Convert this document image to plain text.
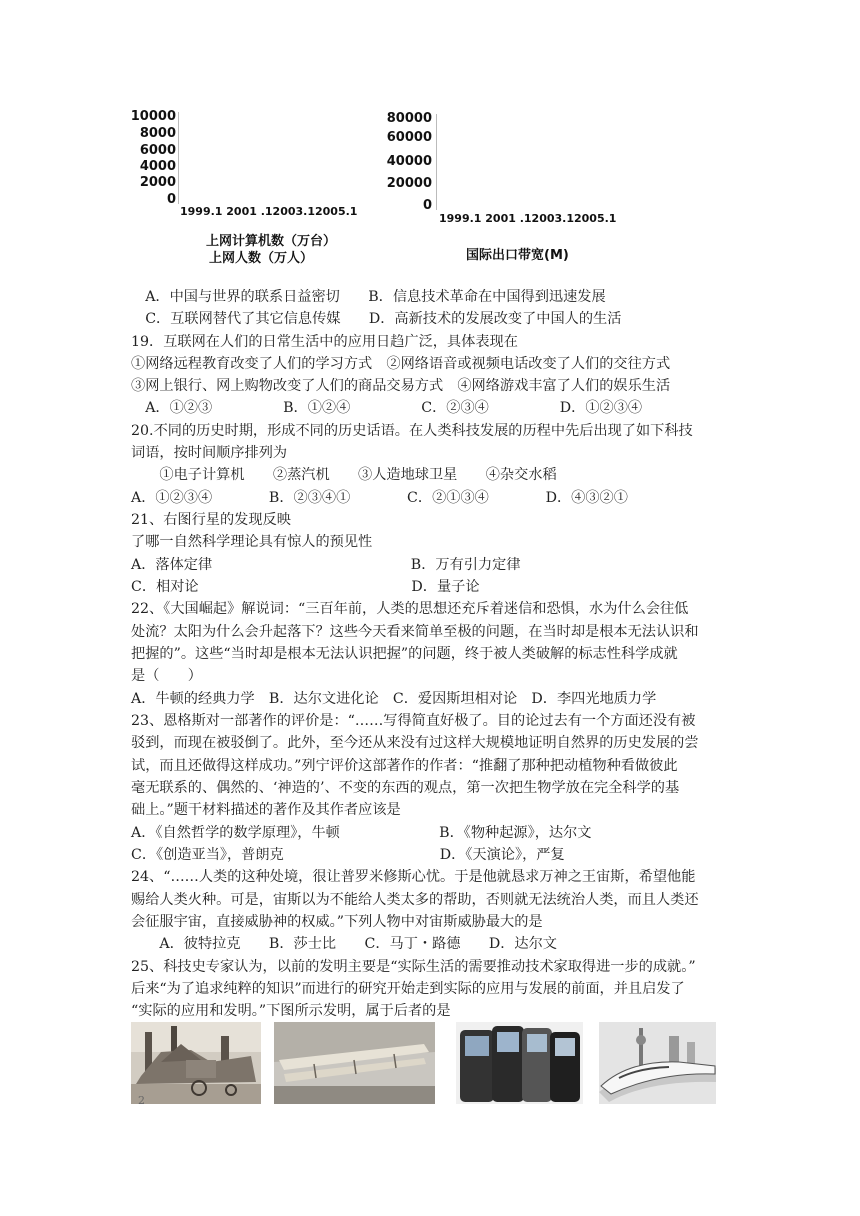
10000
8000
6000
4000
2000
0
1999.1 2001 .12003.12005.1
上网计算机数（万台）
上网人数（万人）
80000
60000
40000
20000
0
1999.1 2001 .12003.12005.1
国际出口带宽(M)
　A．中国与世界的联系日益密切　　B．信息技术革命在中国得到迅速发展
　C．互联网替代了其它信息传媒　　D．高新技术的发展改变了中国人的生活
19．互联网在人们的日常生活中的应用日趋广泛，具体表现在
①网络远程教育改变了人们的学习方式　②网络语音或视频电话改变了人们的交往方式
③网上银行、网上购物改变了人们的商品交易方式　④网络游戏丰富了人们的娱乐生活
　A．①②③　　　　　B．①②④　　　　　C．②③④　　　　　D．①②③④
20.不同的历史时期，形成不同的历史话语。在人类科技发展的历程中先后出现了如下科技
词语，按时间顺序排列为
　　①电子计算机　　②蒸汽机　　③人造地球卫星　　④杂交水稻
A．①②③④　　　　B．②③④①　　　　C．②①③④　　　　D．④③②①
21、右图行星的发现反映
了哪一自然科学理论具有惊人的预见性
A．落体定律　　　　　　　　　　　　　　B．万有引力定律
C．相对论　　　　　　　　　　　　　　　D．量子论
22、《大国崛起》解说词：“三百年前，人类的思想还充斥着迷信和恐惧，水为什么会往低
处流？太阳为什么会升起落下？这些今天看来简单至极的问题，在当时却是根本无法认识和
把握的”。这些“当时却是根本无法认识把握”的问题，终于被人类破解的标志性科学成就
是（　　）
A．牛顿的经典力学　B．达尔文进化论　C．爱因斯坦相对论　D．李四光地质力学
23、恩格斯对一部著作的评价是：“……写得简直好极了。目的论过去有一个方面还没有被
驳到，而现在被驳倒了。此外，至今还从来没有过这样大规模地证明自然界的历史发展的尝
试，而且还做得这样成功。”列宁评价这部著作的作者：“推翻了那种把动植物种看做彼此
毫无联系的、偶然的、‘神造的’、不变的东西的观点，第一次把生物学放在完全科学的基
础上。”题干材料描述的著作及其作者应该是
A．《自然哲学的数学原理》，牛顿　　　　　　　B．《物种起源》，达尔文
C．《创造亚当》，普朗克　　　　　　　　　　　D．《天演论》，严复
24、“……人类的这种处境，很让普罗米修斯心忧。于是他就恳求万神之王宙斯，希望他能
赐给人类火种。可是，宙斯以为不能给人类太多的帮助，否则就无法统治人类，而且人类还
会征服宇宙，直接威胁神的权威。”下列人物中对宙斯威胁最大的是
　　A．彼特拉克　　B．莎士比　　C．马丁・路德　　D．达尔文
25、科技史专家认为，以前的发明主要是“实际生活的需要推动技术家取得进一步的成就。”
后来“为了追求纯粹的知识”而进行的研究开始走到实际的应用与发展的前面，并且启发了
“实际的应用和发明。”下图所示发明，属于后者的是
2
